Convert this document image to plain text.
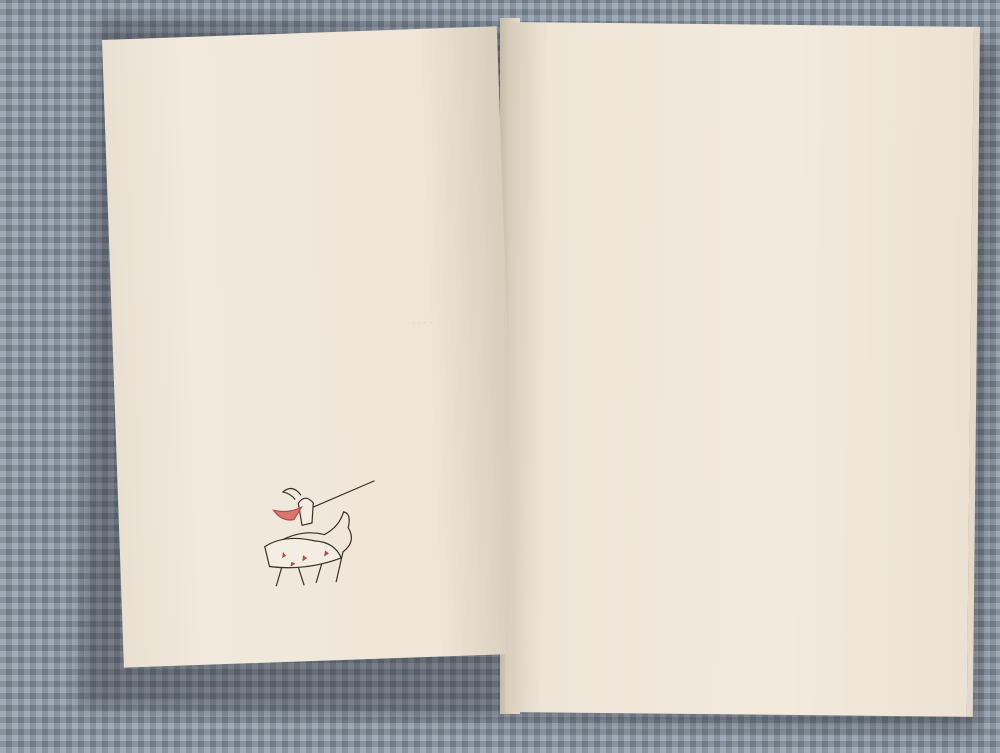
· · · ·

. . .
. . .
. . .
. . .
. . .
. . .
. . .
. . .
. . .
. . .
. . .
. . .
. . .
. . .
. . .
. . .
